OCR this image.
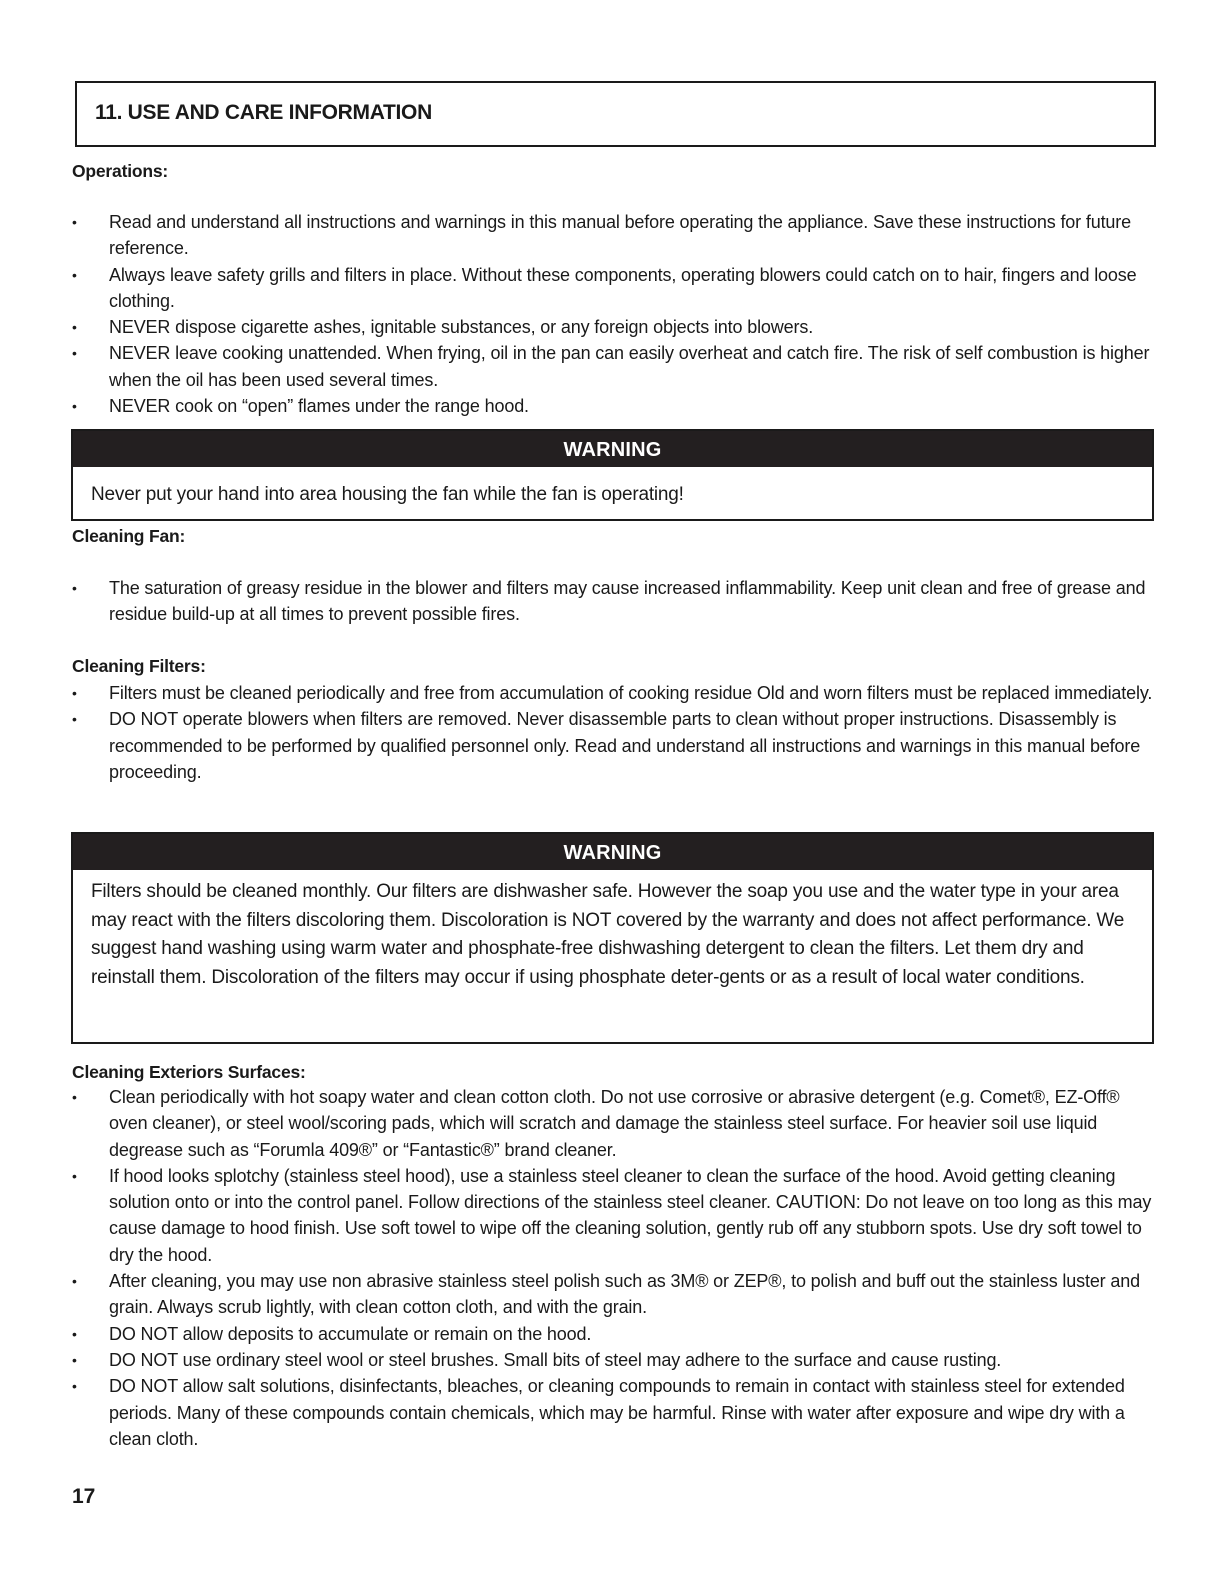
11. USE AND CARE INFORMATION
Operations:
•	Read and understand all instructions and warnings in this manual before operating the appliance. Save these instructions for future reference.
•	Always leave safety grills and filters in place. Without these components, operating blowers could catch on to hair, fingers and loose clothing.
•	NEVER dispose cigarette ashes, ignitable substances, or any foreign objects into blowers.
•	NEVER leave cooking unattended. When frying, oil in the pan can easily overheat and catch fire. The risk of self combustion is higher when the oil has been used several times.
•	NEVER cook on “open” flames under the range hood.
WARNING
Never put your hand into area housing the fan while the fan is operating!
Cleaning Fan:
•	The saturation of greasy residue in the blower and filters may cause increased inflammability. Keep unit clean and free of grease and residue build-up at all times to prevent possible fires.
Cleaning Filters:
•	Filters must be cleaned periodically and free from accumulation of cooking residue Old and worn filters must be replaced immediately.
•	DO NOT operate blowers when filters are removed. Never disassemble parts to clean without proper instructions. Disassembly is recommended to be performed by qualified personnel only. Read and understand all instructions and warnings in this manual before proceeding.
WARNING
Filters should be cleaned monthly. Our filters are dishwasher safe. However the soap you use and the water type in your area may react with the filters discoloring them. Discoloration is NOT covered by the warranty and does not affect performance. We suggest hand washing using warm water and phosphate-free dishwashing detergent to clean the filters. Let them dry and reinstall them. Discoloration of the filters may occur if using phosphate deter-gents or as a result of local water conditions.
Cleaning Exteriors Surfaces:
•	Clean periodically with hot soapy water and clean cotton cloth. Do not use corrosive or abrasive detergent (e.g. Comet®, EZ-Off® oven cleaner), or steel wool/scoring pads, which will scratch and damage the stainless steel surface. For heavier soil use liquid degrease such as “Forumla 409®” or “Fantastic®” brand cleaner.
•	If hood looks splotchy (stainless steel hood), use a stainless steel cleaner to clean the surface of the hood. Avoid getting cleaning solution onto or into the control panel. Follow directions of the stainless steel cleaner. CAUTION: Do not leave on too long as this may cause damage to hood finish. Use soft towel to wipe off the cleaning solution, gently rub off any stubborn spots. Use dry soft towel to dry the hood.
•	After cleaning, you may use non abrasive stainless steel polish such as 3M® or ZEP®, to polish and buff out the stainless luster and grain. Always scrub lightly, with clean cotton cloth, and with the grain.
•	DO NOT allow deposits to accumulate or remain on the hood.
•	DO NOT use ordinary steel wool or steel brushes. Small bits of steel may adhere to the surface and cause rusting.
•	DO NOT allow salt solutions, disinfectants, bleaches, or cleaning compounds to remain in contact with stainless steel for extended periods. Many of these compounds contain chemicals, which may be harmful. Rinse with water after exposure and wipe dry with a clean cloth.
17
